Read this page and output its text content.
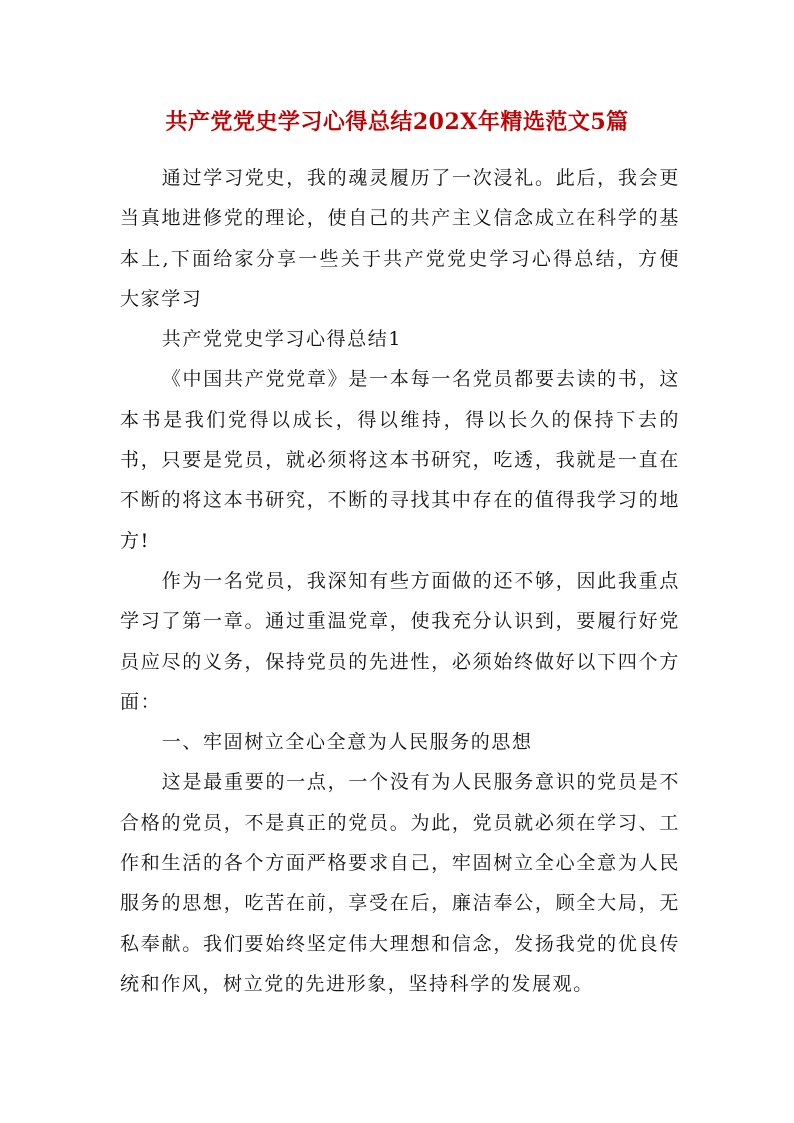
共产党党史学习心得总结202X年精选范文5篇

通过学习党史，我的魂灵履历了一次浸礼。此后，我会更当真地进修党的理论，使自己的共产主义信念成立在科学的基本上,下面给家分享一些关于共产党党史学习心得总结，方便大家学习

共产党党史学习心得总结1

《中国共产党党章》是一本每一名党员都要去读的书，这本书是我们党得以成长，得以维持，得以长久的保持下去的书，只要是党员，就必须将这本书研究，吃透，我就是一直在不断的将这本书研究，不断的寻找其中存在的值得我学习的地方!

作为一名党员，我深知有些方面做的还不够，因此我重点学习了第一章。通过重温党章，使我充分认识到，要履行好党员应尽的义务，保持党员的先进性，必须始终做好以下四个方面：

一、牢固树立全心全意为人民服务的思想

这是最重要的一点，一个没有为人民服务意识的党员是不合格的党员，不是真正的党员。为此，党员就必须在学习、工作和生活的各个方面严格要求自己，牢固树立全心全意为人民服务的思想，吃苦在前，享受在后，廉洁奉公，顾全大局，无私奉献。我们要始终坚定伟大理想和信念，发扬我党的优良传统和作风，树立党的先进形象，坚持科学的发展观。
